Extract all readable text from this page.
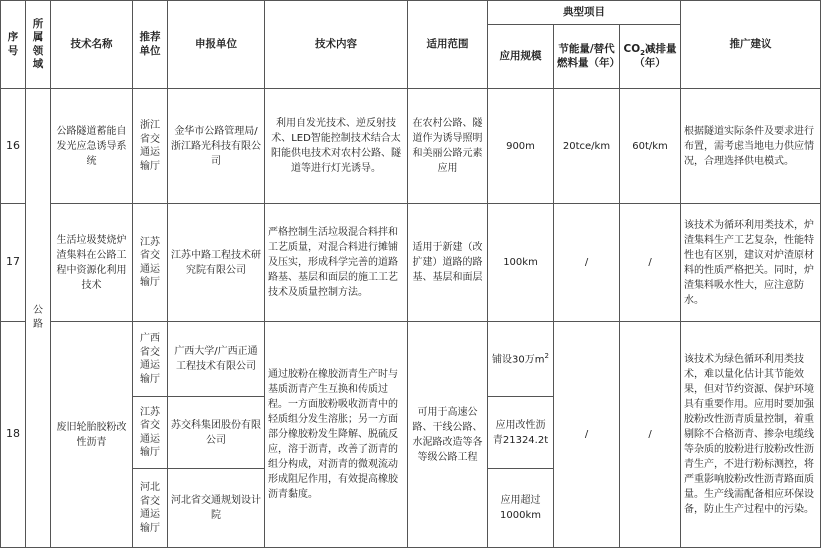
序号	所属领域	技术名称	推荐单位	申报单位	技术内容	适用范围	典型项目			推广建议
							应用规模	节能量/替代燃料量（年）	$CO_2$减排量（年）	
16	公路	公路隧道蓄能自发光应急诱导系统	浙江省交通运输厅	金华市公路管理局/浙江路光科技有限公司	利用自发光技术、逆反射技术、LED智能控制技术结合太阳能供电技术对农村公路、隧道等进行灯光诱导。	在农村公路、隧道作为诱导照明和美丽公路元素应用	900m	20tce/km	60t/km	根据隧道实际条件及要求进行布置，需考虑当地电力供应情况，合理选择供电模式。
17		生活垃圾焚烧炉渣集料在公路工程中资源化利用技术	江苏省交通运输厅	江苏中路工程技术研究院有限公司	严格控制生活垃圾混合料拌和工艺质量，对混合料进行摊铺及压实，形成科学完善的道路路基、基层和面层的施工工艺技术及质量控制方法。	适用于新建（改扩建）道路的路基、基层和面层	100km	/	/	该技术为循环利用类技术，炉渣集料生产工艺复杂，性能特性也有区别，建议对炉渣原材料的性质严格把关。同时，炉渣集料吸水性大，应注意防水。
18		废旧轮胎胶粉改性沥青	广西省交通运输厅	广西大学/广西正通工程技术有限公司	通过胶粉在橡胶沥青生产时与基质沥青产生互换和传质过程。一方面胶粉吸收沥青中的轻质组分发生溶胀；另一方面部分橡胶粉发生降解、脱硫反应，溶于沥青，改善了沥青的组分构成，对沥青的微观流动形成阻尼作用，有效提高橡胶沥青黏度。	可用于高速公路、干线公路、水泥路改造等各等级公路工程	铺设30万$m^2$	/	/	该技术为绿色循环利用类技术，难以量化估计其节能效果，但对节约资源、保护环境具有重要作用。应用时要加强胶粉改性沥青质量控制，着重剔除不合格沥青、掺杂电缆线等杂质的胶粉进行胶粉改性沥青生产，不进行粉标测控，将严重影响胶粉改性沥青路面质量。生产线需配备相应环保设备，防止生产过程中的污染。
			江苏省交通运输厅	苏交科集团股份有限公司			应用改性沥青21324.2t			
			河北省交通运输厅	河北省交通规划设计院			应用超过1000km			
